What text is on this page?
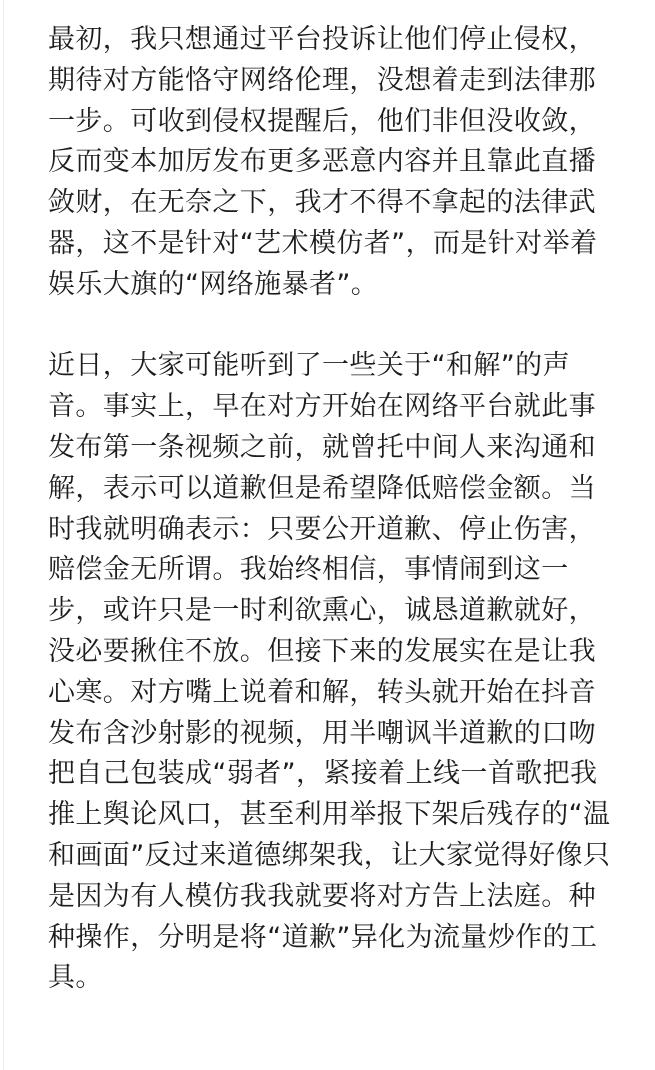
最初，我只想通过平台投诉让他们停止侵权，
期待对方能恪守网络伦理，没想着走到法律那
一步。可收到侵权提醒后，他们非但没收敛，
反而变本加厉发布更多恶意内容并且靠此直播
敛财，在无奈之下，我才不得不拿起的法律武
器，这不是针对“艺术模仿者”，而是针对举着
娱乐大旗的“网络施暴者”。

近日，大家可能听到了一些关于“和解”的声
音。事实上，早在对方开始在网络平台就此事
发布第一条视频之前，就曾托中间人来沟通和
解，表示可以道歉但是希望降低赔偿金额。当
时我就明确表示：只要公开道歉、停止伤害，
赔偿金无所谓。我始终相信，事情闹到这一
步，或许只是一时利欲熏心，诚恳道歉就好，
没必要揪住不放。但接下来的发展实在是让我
心寒。对方嘴上说着和解，转头就开始在抖音
发布含沙射影的视频，用半嘲讽半道歉的口吻
把自己包装成“弱者”，紧接着上线一首歌把我
推上舆论风口，甚至利用举报下架后残存的“温
和画面”反过来道德绑架我，让大家觉得好像只
是因为有人模仿我我就要将对方告上法庭。种
种操作，分明是将“道歉”异化为流量炒作的工
具。
